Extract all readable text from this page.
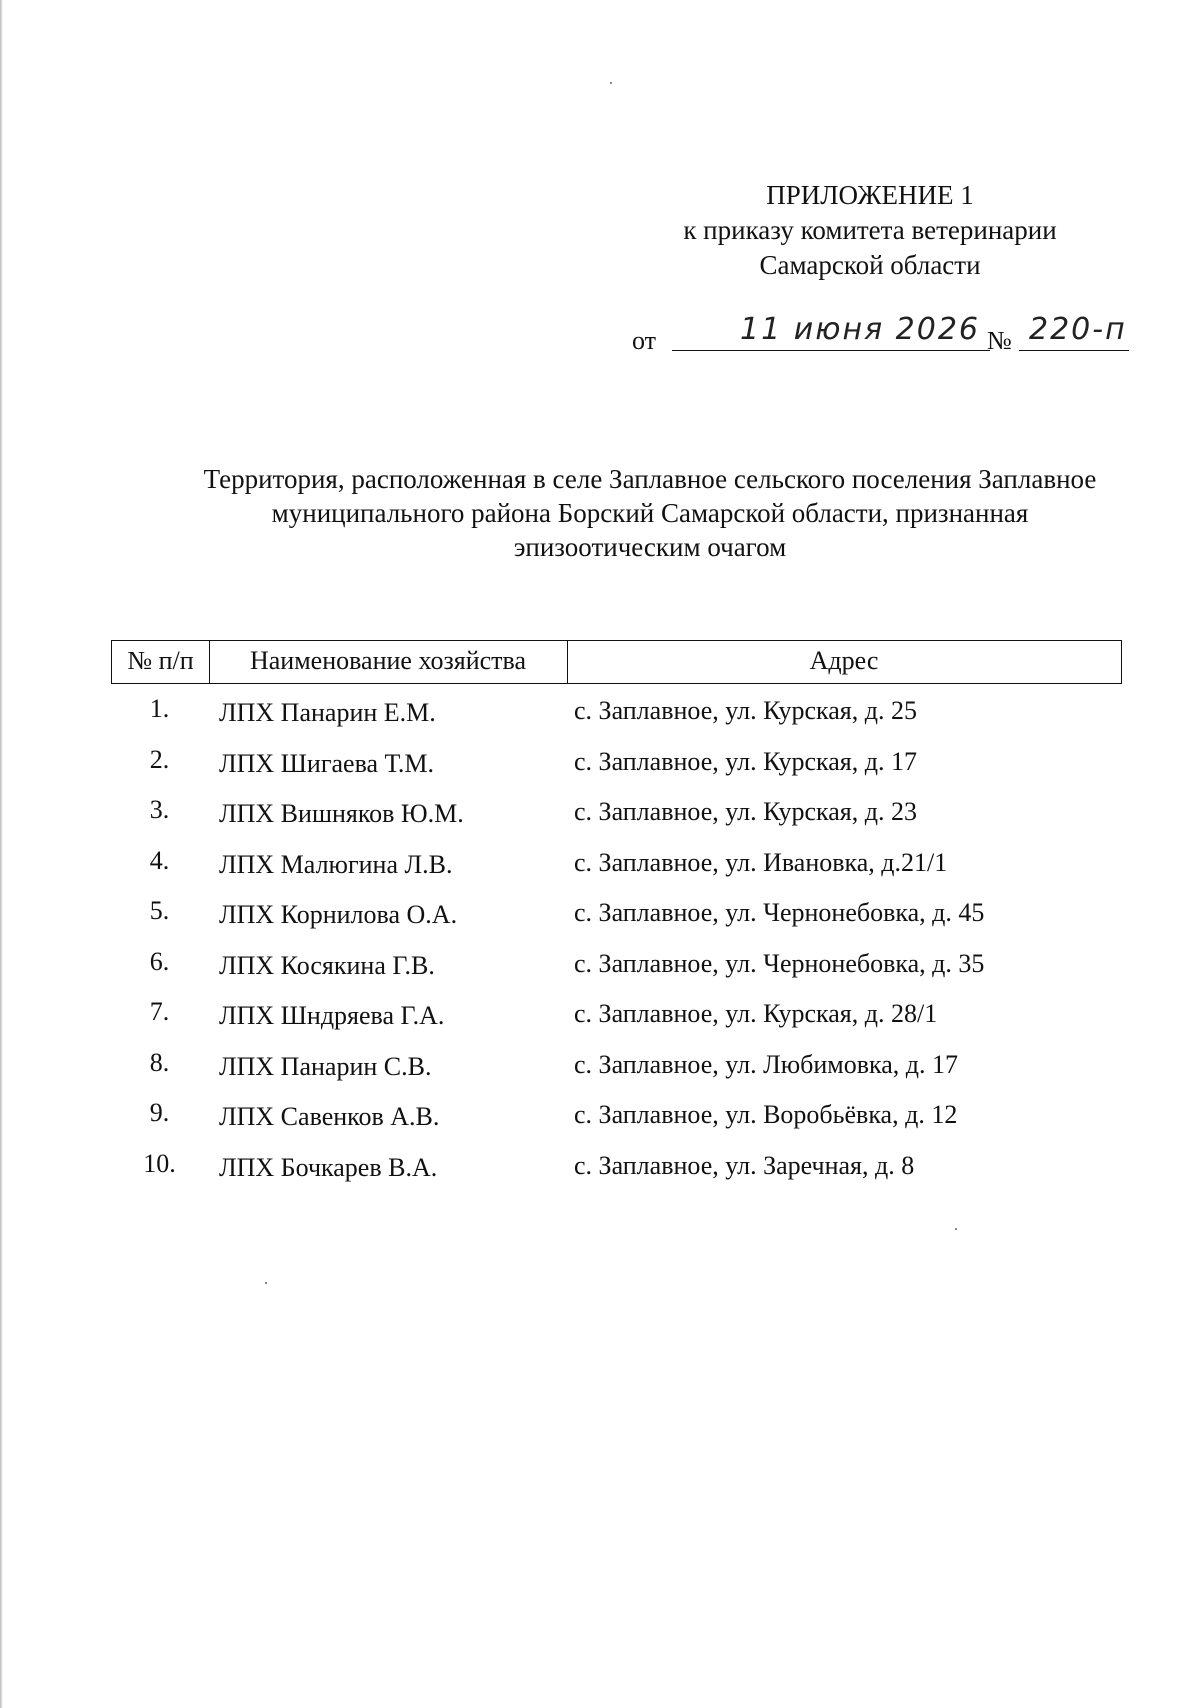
ПРИЛОЖЕНИЕ 1
к приказу комитета ветеринарии
Самарской области
от	11 июня 2026 № 220-п
Территория, расположенная в селе Заплавное сельского поселения Заплавное
муниципального района Борский Самарской области, признанная
эпизоотическим очагом
№ п/п	Наименование хозяйства	Адрес
1.	ЛПХ Панарин Е.М.	с. Заплавное, ул. Курская, д. 25
2.	ЛПХ Шигаева Т.М.	с. Заплавное, ул. Курская, д. 17
3.	ЛПХ Вишняков Ю.М.	с. Заплавное, ул. Курская, д. 23
4.	ЛПХ Малюгина Л.В.	с. Заплавное, ул. Ивановка, д.21/1
5.	ЛПХ Корнилова О.А.	с. Заплавное, ул. Чернонебовка, д. 45
6.	ЛПХ Косякина Г.В.	с. Заплавное, ул. Чернонебовка, д. 35
7.	ЛПХ Шндряева Г.А.	с. Заплавное, ул. Курская, д. 28/1
8.	ЛПХ Панарин С.В.	с. Заплавное, ул. Любимовка, д. 17
9.	ЛПХ Савенков А.В.	с. Заплавное, ул. Воробьёвка, д. 12
10.	ЛПХ Бочкарев В.А.	с. Заплавное, ул. Заречная, д. 8
